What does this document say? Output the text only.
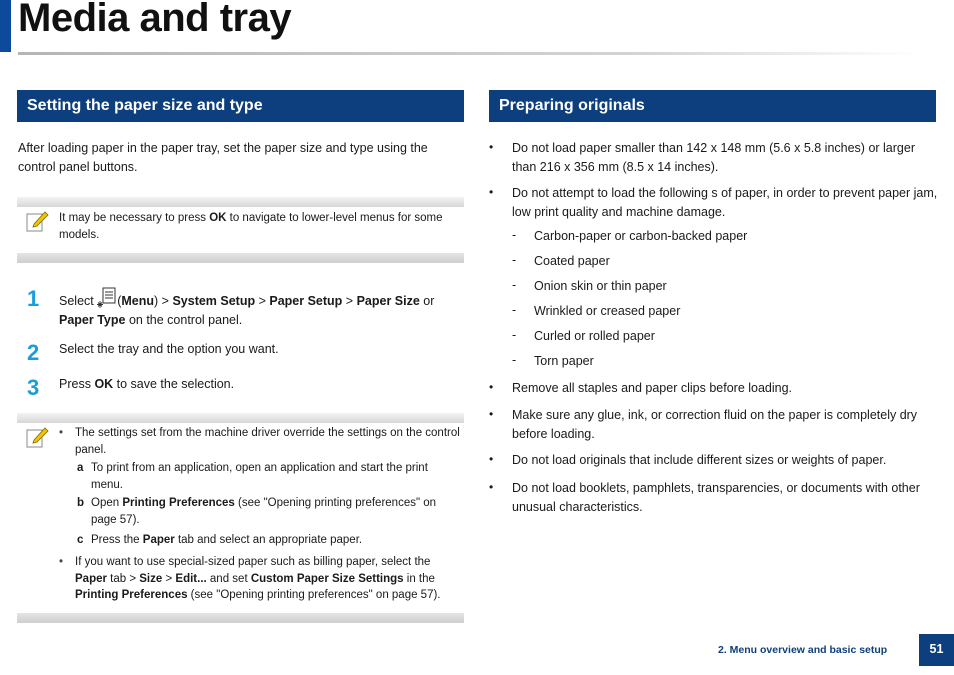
Media and tray
Setting the paper size and type
After loading paper in the paper tray, set the paper size and type using the control panel buttons.
It may be necessary to press OK to navigate to lower-level menus for some models.
1	Select (Menu) > System Setup > Paper Setup > Paper Size or
Paper Type on the control panel.
2	Select the tray and the option you want.
3	Press OK to save the selection.
• The settings set from the machine driver override the settings on the control panel.
a To print from an application, open an application and start the print menu.
b Open Printing Preferences (see "Opening printing preferences" on page 57).
c Press the Paper tab and select an appropriate paper.
• If you want to use special-sized paper such as billing paper, select the
Paper tab > Size > Edit... and set Custom Paper Size Settings in the
Printing Preferences (see "Opening printing preferences" on page 57).
Preparing originals
• Do not load paper smaller than 142 x 148 mm (5.6 x 5.8 inches) or larger than 216 x 356 mm (8.5 x 14 inches).
• Do not attempt to load the following s of paper, in order to prevent paper jam, low print quality and machine damage.
- Carbon-paper or carbon-backed paper
- Coated paper
- Onion skin or thin paper
- Wrinkled or creased paper
- Curled or rolled paper
- Torn paper
• Remove all staples and paper clips before loading.
• Make sure any glue, ink, or correction fluid on the paper is completely dry before loading.
• Do not load originals that include different sizes or weights of paper.
• Do not load booklets, pamphlets, transparencies, or documents with other unusual characteristics.
2. Menu overview and basic setup	51
